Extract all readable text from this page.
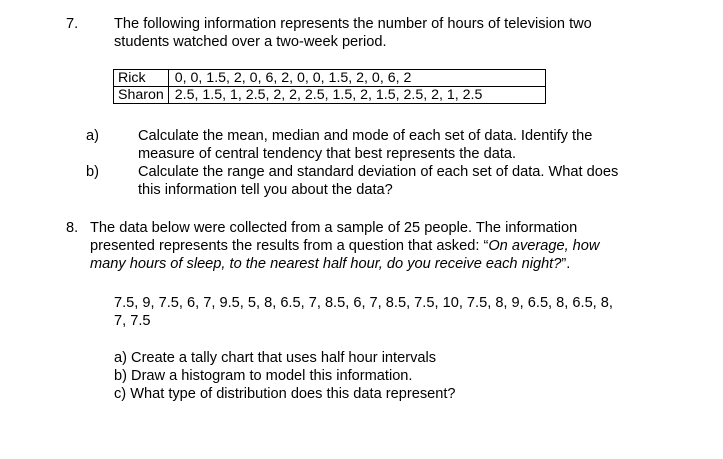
7. The following information represents the number of hours of television two
students watched over a two-week period.
Rick	0, 0, 1.5, 2, 0, 6, 2, 0, 0, 1.5, 2, 0, 6, 2
Sharon	2.5, 1.5, 1, 2.5, 2, 2, 2.5, 1.5, 2, 1.5, 2.5, 2, 1, 2.5
a)	Calculate the mean, median and mode of each set of data. Identify the
measure of central tendency that best represents the data.
b)	Calculate the range and standard deviation of each set of data. What does
this information tell you about the data?
8. The data below were collected from a sample of 25 people. The information
presented represents the results from a question that asked: “On average, how
many hours of sleep, to the nearest half hour, do you receive each night?”.
7.5, 9, 7.5, 6, 7, 9.5, 5, 8, 6.5, 7, 8.5, 6, 7, 8.5, 7.5, 10, 7.5, 8, 9, 6.5, 8, 6.5, 8,
7, 7.5
a) Create a tally chart that uses half hour intervals
b) Draw a histogram to model this information.
c) What type of distribution does this data represent?
